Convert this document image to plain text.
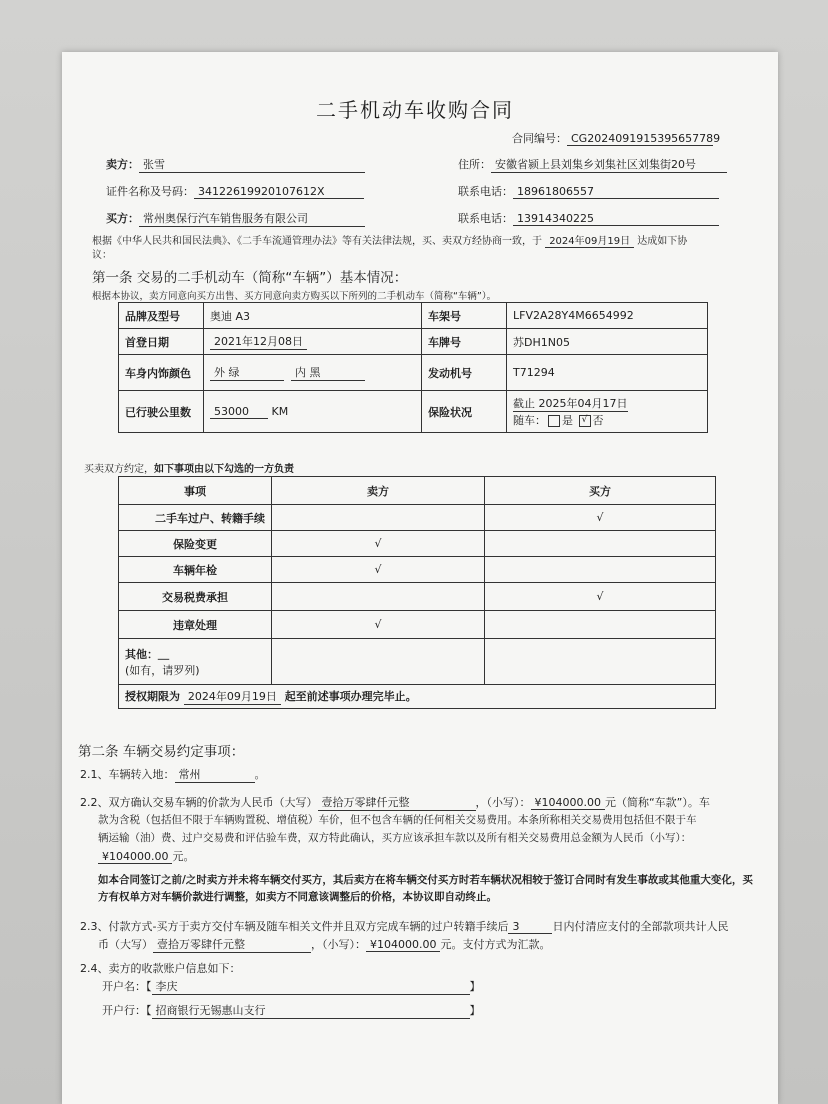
二手机动车收购合同
合同编号： CG2024091915395657789
卖方： 张雪	住所： 安徽省颍上县刘集乡刘集社区刘集街20号
证件名称及号码： 34122619920107612X	联系电话： 18961806557
买方： 常州奥保行汽车销售服务有限公司	联系电话： 13914340225
根据《中华人民共和国民法典》、《二手车流通管理办法》等有关法律法规，买、卖双方经协商一致，于 2024年09月19日 达成如下协
议：
第一条 交易的二手机动车（简称“车辆”）基本情况：
根据本协议，卖方同意向买方出售、买方同意向卖方购买以下所列的二手机动车（简称“车辆”）。
品牌及型号	奥迪 A3	车架号	LFV2A28Y4M6654992
首登日期	2021年12月08日	车牌号	苏DH1N05
车身内饰颜色	外 绿 内 黑	发动机号	T71294
已行驶公里数	53000 KM	保险状况	截止 2025年04月17日
随车： 是 √ 否
买卖双方约定，如下事项由以下勾选的一方负责
事项	卖方	买方
二手车过户、转籍手续		√
保险变更	√	
车辆年检	√	
交易税费承担		√
违章处理	√	

其他：＿
(如有，请罗列)		

授权期限为 2024年09月19日 起至前述事项办理完毕止。		
第二条 车辆交易约定事项：
2.1、车辆转入地： 常州	。
2.2、双方确认交易车辆的价款为人民币（大写） 壹拾万零肆仟元整	，（小写）： ¥104000.00 元（简称“车款”）。车
款为含税（包括但不限于车辆购置税、增值税）车价，但不包含车辆的任何相关交易费用。本条所称相关交易费用包括但不限于车
辆运输（油）费、过户交易费和评估验车费，双方特此确认，买方应该承担车款以及所有相关交易费用总金额为人民币（小写）：
¥104000.00 元。
如本合同签订之前/之时卖方并未将车辆交付买方，其后卖方在将车辆交付买方时若车辆状况相较于签订合同时有发生事故或其他重大变化，买方有权单方对车辆价款进行调整，如卖方不同意该调整后的价格，本协议即自动终止。
2.3、付款方式-买方于卖方交付车辆及随车相关文件并且双方完成车辆的过户转籍手续后 3	日内付清应支付的全部款项共计人民
币（大写） 壹拾万零肆仟元整	，（小写）： ¥104000.00 元。支付方式为汇款。
2.4、卖方的收款账户信息如下：
开户名：【 李庆	】
开户行：【 招商银行无锡惠山支行	】
